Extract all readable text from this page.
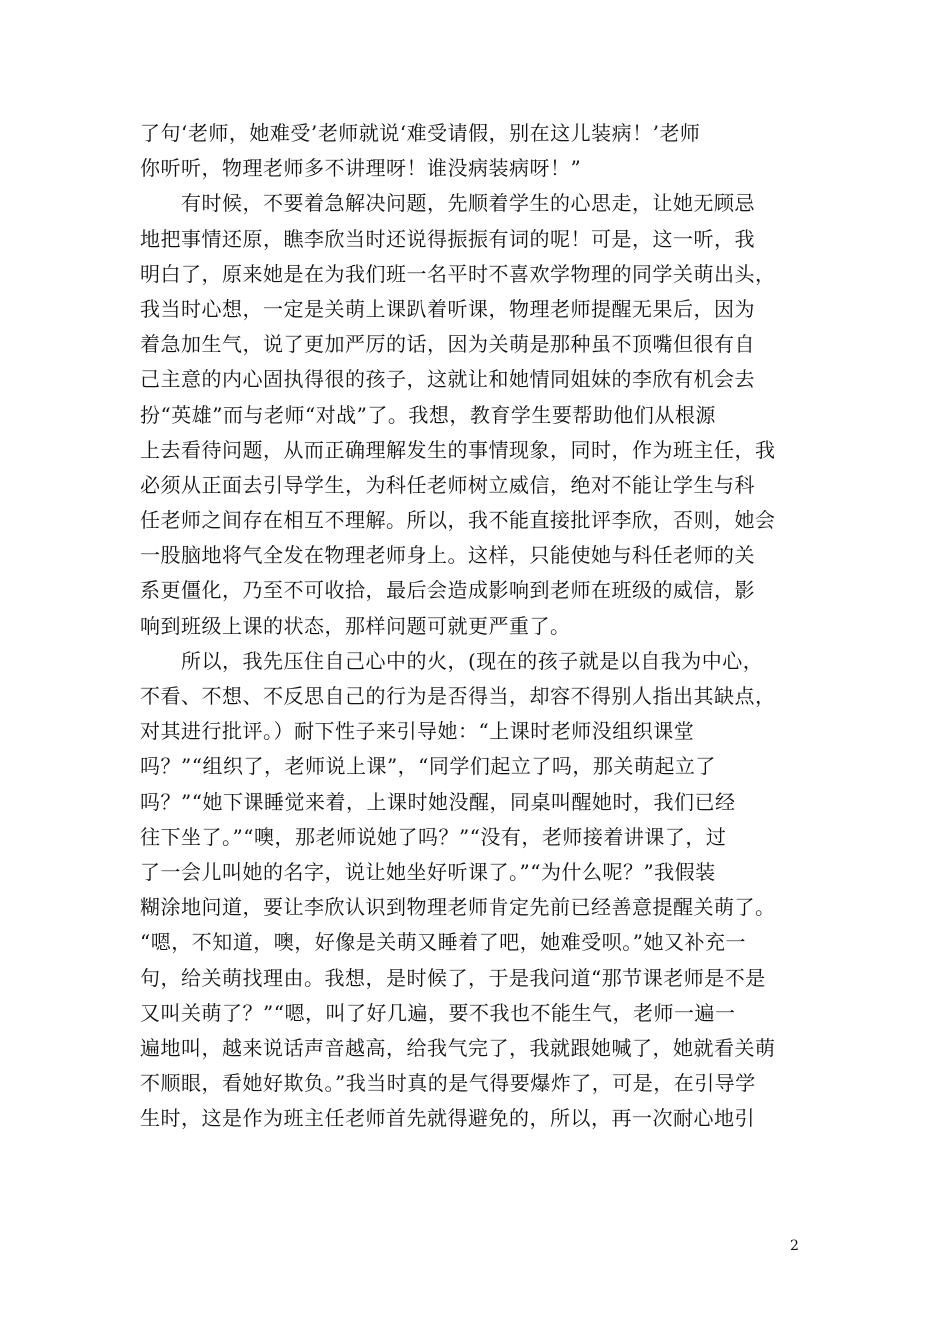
了句‘老师，她难受’老师就说‘难受请假，别在这儿装病！’老师
你听听，物理老师多不讲理呀！谁没病装病呀！”
　　有时候，不要着急解决问题，先顺着学生的心思走，让她无顾忌
地把事情还原，瞧李欣当时还说得振振有词的呢！可是，这一听，我
明白了，原来她是在为我们班一名平时不喜欢学物理的同学关萌出头，
我当时心想，一定是关萌上课趴着听课，物理老师提醒无果后，因为
着急加生气，说了更加严厉的话，因为关萌是那种虽不顶嘴但很有自
己主意的内心固执得很的孩子，这就让和她情同姐妹的李欣有机会去
扮“英雄”而与老师“对战”了。我想，教育学生要帮助他们从根源
上去看待问题，从而正确理解发生的事情现象，同时，作为班主任，我
必须从正面去引导学生，为科任老师树立威信，绝对不能让学生与科
任老师之间存在相互不理解。所以，我不能直接批评李欣，否则，她会
一股脑地将气全发在物理老师身上。这样，只能使她与科任老师的关
系更僵化，乃至不可收拾，最后会造成影响到老师在班级的威信，影
响到班级上课的状态，那样问题可就更严重了。
　　所以，我先压住自己心中的火，(现在的孩子就是以自我为中心，
不看、不想、不反思自己的行为是否得当，却容不得别人指出其缺点，
对其进行批评。）耐下性子来引导她：“上课时老师没组织课堂
吗？”“组织了，老师说上课”，“同学们起立了吗，那关萌起立了
吗？”“她下课睡觉来着，上课时她没醒，同桌叫醒她时，我们已经
往下坐了。”“噢，那老师说她了吗？”“没有，老师接着讲课了，过
了一会儿叫她的名字，说让她坐好听课了。”“为什么呢？”我假装
糊涂地问道，要让李欣认识到物理老师肯定先前已经善意提醒关萌了。
“嗯，不知道，噢，好像是关萌又睡着了吧，她难受呗。”她又补充一
句，给关萌找理由。我想，是时候了，于是我问道“那节课老师是不是
又叫关萌了？”“嗯，叫了好几遍，要不我也不能生气，老师一遍一
遍地叫，越来说话声音越高，给我气完了，我就跟她喊了，她就看关萌
不顺眼，看她好欺负。”我当时真的是气得要爆炸了，可是，在引导学
生时，这是作为班主任老师首先就得避免的，所以，再一次耐心地引
2
